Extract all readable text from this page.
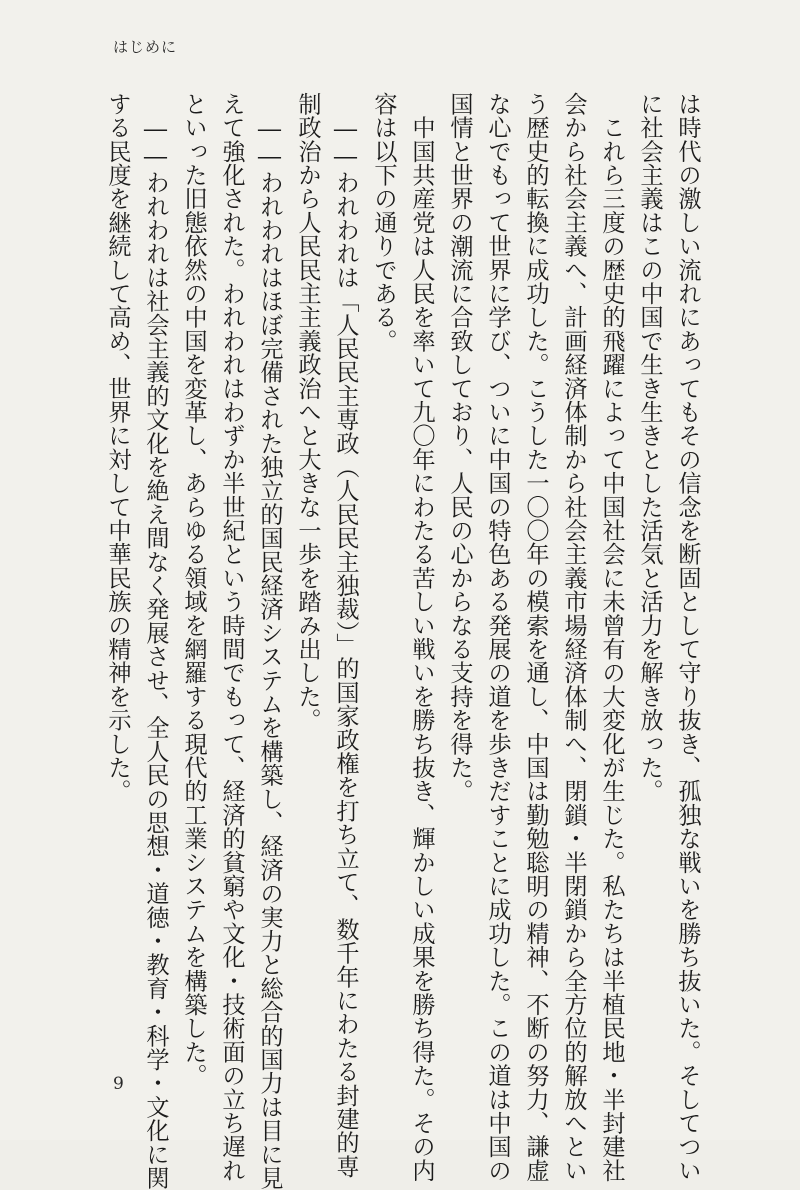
はじめに
は時代の激しい流れにあってもその信念を断固として守り抜き、孤独な戦いを勝ち抜いた。そしてつい
に社会主義はこの中国で生き生きとした活気と活力を解き放った。
　これら三度の歴史的飛躍によって中国社会に未曾有の大変化が生じた。私たちは半植民地・半封建社
会から社会主義へ、計画経済体制から社会主義市場経済体制へ、閉鎖・半閉鎖から全方位的解放へとい
う歴史的転換に成功した。こうした一〇〇年の模索を通し、中国は勤勉聡明の精神、不断の努力、謙虚
な心でもって世界に学び、ついに中国の特色ある発展の道を歩きだすことに成功した。この道は中国の
国情と世界の潮流に合致しており、人民の心からなる支持を得た。
　中国共産党は人民を率いて九〇年にわたる苦しい戦いを勝ち抜き、輝かしい成果を勝ち得た。その内
容は以下の通りである。
　――われわれは「人民民主専政（人民民主独裁）」的国家政権を打ち立て、数千年にわたる封建的専
制政治から人民民主主義政治へと大きな一歩を踏み出した。
　――われわれはほぼ完備された独立的国民経済システムを構築し、経済の実力と総合的国力は目に見
えて強化された。われわれはわずか半世紀という時間でもって、経済的貧窮や文化・技術面の立ち遅れ
といった旧態依然の中国を変革し、あらゆる領域を網羅する現代的工業システムを構築した。
　――われわれは社会主義的文化を絶え間なく発展させ、全人民の思想・道徳・教育・科学・文化に関
する民度を継続して高め、世界に対して中華民族の精神を示した。
9
